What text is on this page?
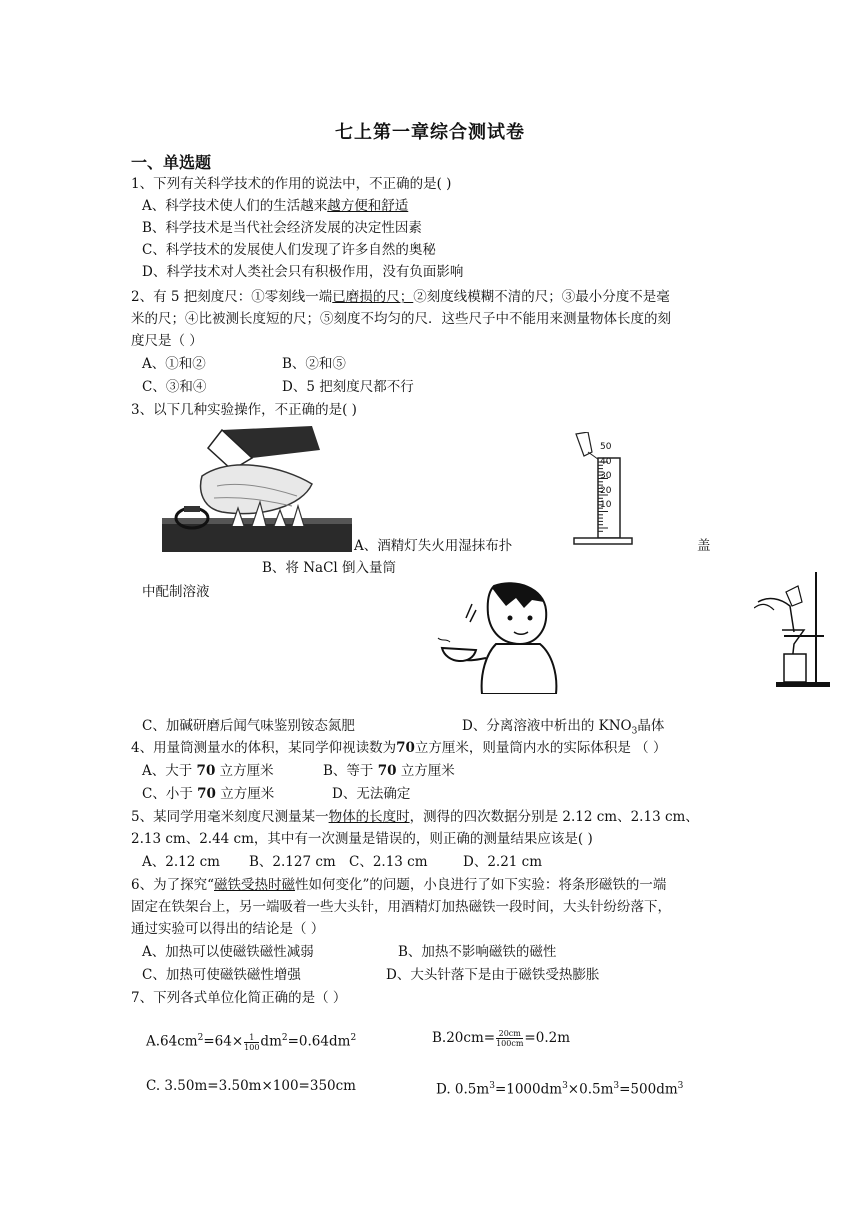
七上第一章综合测试卷
一、单选题
1、下列有关科学技术的作用的说法中，不正确的是( )
A、科学技术使人们的生活越来越方便和舒适
B、科学技术是当代社会经济发展的决定性因素
C、科学技术的发展使人们发现了许多自然的奥秘
D、科学技术对人类社会只有积极作用，没有负面影响
2、有 5 把刻度尺：①零刻线一端已磨损的尺；②刻度线模糊不清的尺；③最小分度不是毫
米的尺；④比被测长度短的尺；⑤刻度不均匀的尺．这些尺子中不能用来测量物体长度的刻
度尺是（ ）
A、①和②	B、②和⑤
C、③和④	D、5 把刻度尺都不行
3、以下几种实验操作，不正确的是( )
50
40
30
20
10
A、酒精灯失火用湿抹布扑	盖
B、将 NaCl 倒入量筒
中配制溶液
C、加碱研磨后闻气味鉴别铵态氮肥	D、分离溶液中析出的 $KNO_3$晶体
4、用量筒测量水的体积，某同学仰视读数为70立方厘米，则量筒内水的实际体积是 （ ）
A、大于 70 立方厘米	B、等于 70 立方厘米
C、小于 70 立方厘米	D、无法确定
5、某同学用毫米刻度尺测量某一物体的长度时，测得的四次数据分别是 2.12 cm、2.13 cm、
2.13 cm、2.44 cm，其中有一次测量是错误的，则正确的测量结果应该是( )
A、2.12 cm B、2.127 cm C、2.13 cm	D、2.21 cm
6、为了探究“磁铁受热时磁性如何变化”的问题，小良进行了如下实验：将条形磁铁的一端
固定在铁架台上，另一端吸着一些大头针，用酒精灯加热磁铁一段时间，大头针纷纷落下，
通过实验可以得出的结论是（ ）
A、加热可以使磁铁磁性减弱	B、加热不影响磁铁的磁性
C、加热可使磁铁磁性增强	D、大头针落下是由于磁铁受热膨胀
7、下列各式单位化简正确的是（ ）
$A.64cm^2=64\times \frac{1}{100} dm^2=0.64dm^2$	$B.20cm= \frac{20cm}{100cm} =0.2m$
C. 3.50m=3.50m×100=350cm	D. $0.5m^3=1000dm^3\times 0.5m^3=500dm^3$
